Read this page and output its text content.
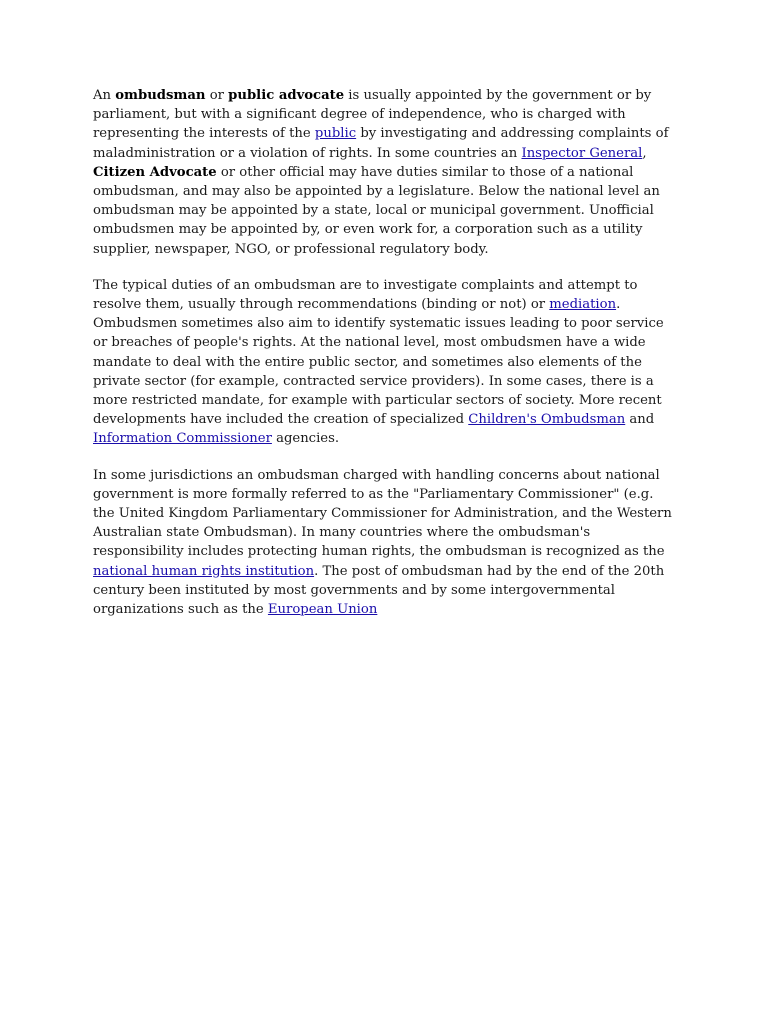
An ombudsman or public advocate is usually appointed by the government or by parliament, but with a significant degree of independence, who is charged with representing the interests of the public by investigating and addressing complaints of maladministration or a violation of rights. In some countries an Inspector General, Citizen Advocate or other official may have duties similar to those of a national ombudsman, and may also be appointed by a legislature. Below the national level an ombudsman may be appointed by a state, local or municipal government. Unofficial ombudsmen may be appointed by, or even work for, a corporation such as a utility supplier, newspaper, NGO, or professional regulatory body.

The typical duties of an ombudsman are to investigate complaints and attempt to resolve them, usually through recommendations (binding or not) or mediation. Ombudsmen sometimes also aim to identify systematic issues leading to poor service or breaches of people's rights. At the national level, most ombudsmen have a wide mandate to deal with the entire public sector, and sometimes also elements of the private sector (for example, contracted service providers). In some cases, there is a more restricted mandate, for example with particular sectors of society. More recent developments have included the creation of specialized Children's Ombudsman and Information Commissioner agencies.

In some jurisdictions an ombudsman charged with handling concerns about national government is more formally referred to as the "Parliamentary Commissioner" (e.g. the United Kingdom Parliamentary Commissioner for Administration, and the Western Australian state Ombudsman). In many countries where the ombudsman's responsibility includes protecting human rights, the ombudsman is recognized as the national human rights institution. The post of ombudsman had by the end of the 20th century been instituted by most governments and by some intergovernmental organizations such as the European Union
